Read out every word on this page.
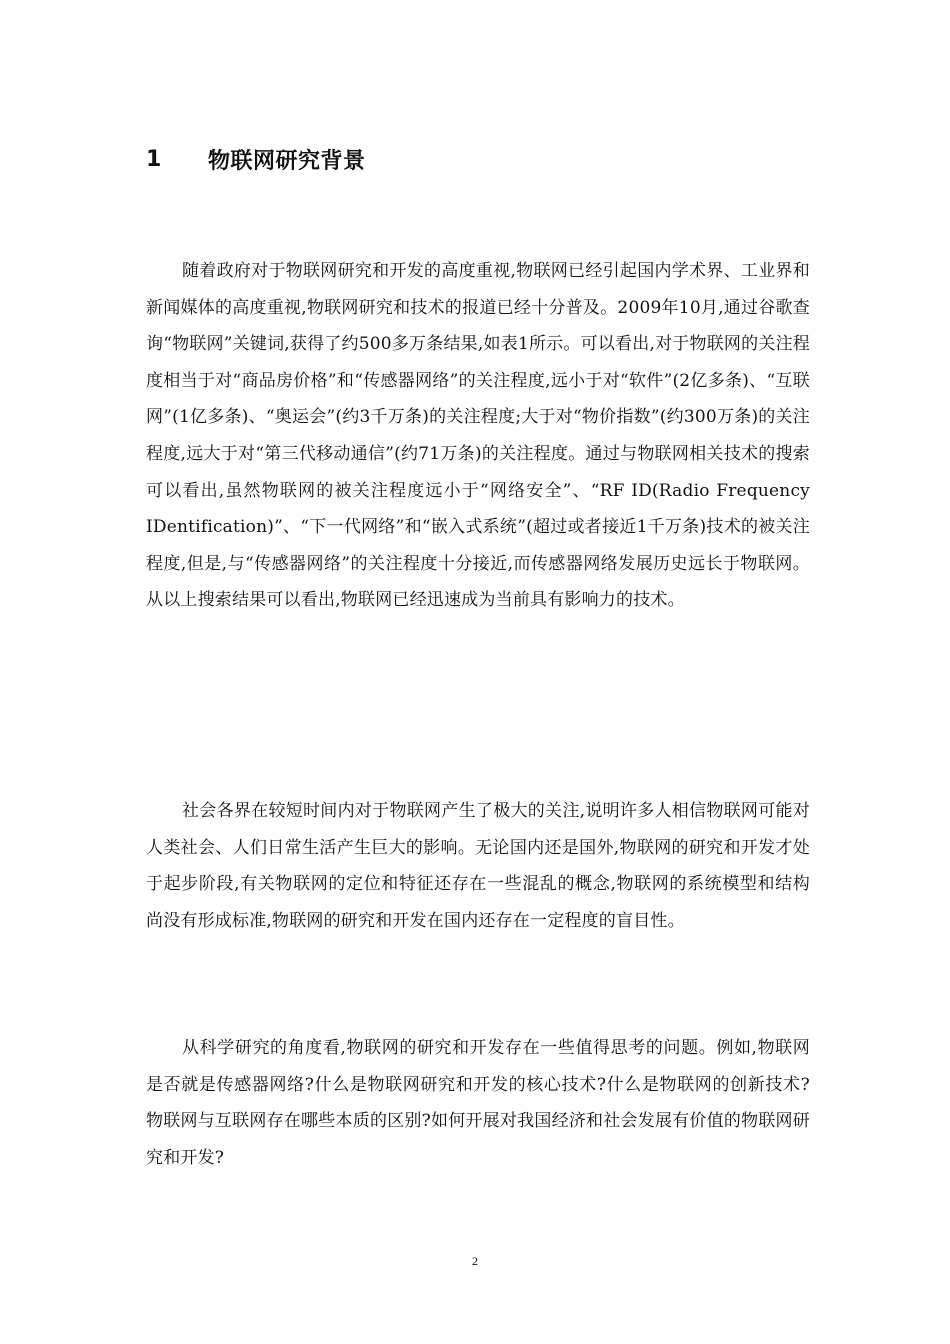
1	物联网研究背景

随着政府对于物联网研究和开发的高度重视,物联网已经引起国内学术界、工业界和新闻媒体的高度重视,物联网研究和技术的报道已经十分普及。2009年10月,通过谷歌查询“物联网”关键词,获得了约500多万条结果,如表1所示。可以看出,对于物联网的关注程度相当于对“商品房价格”和“传感器网络”的关注程度,远小于对“软件”(2亿多条)、“互联网”(1亿多条)、“奥运会”(约3千万条)的关注程度;大于对“物价指数”(约300万条)的关注程度,远大于对“第三代移动通信”(约71万条)的关注程度。通过与物联网相关技术的搜索可以看出,虽然物联网的被关注程度远小于“网络安全”、“RF ID(Radio Frequency IDentification)”、“下一代网络”和“嵌入式系统”(超过或者接近1千万条)技术的被关注程度,但是,与“传感器网络”的关注程度十分接近,而传感器网络发展历史远长于物联网。从以上搜索结果可以看出,物联网已经迅速成为当前具有影响力的技术。

社会各界在较短时间内对于物联网产生了极大的关注,说明许多人相信物联网可能对人类社会、人们日常生活产生巨大的影响。无论国内还是国外,物联网的研究和开发才处于起步阶段,有关物联网的定位和特征还存在一些混乱的概念,物联网的系统模型和结构尚没有形成标准,物联网的研究和开发在国内还存在一定程度的盲目性。

从科学研究的角度看,物联网的研究和开发存在一些值得思考的问题。例如,物联网是否就是传感器网络?什么是物联网研究和开发的核心技术?什么是物联网的创新技术?物联网与互联网存在哪些本质的区别?如何开展对我国经济和社会发展有价值的物联网研究和开发?

2
